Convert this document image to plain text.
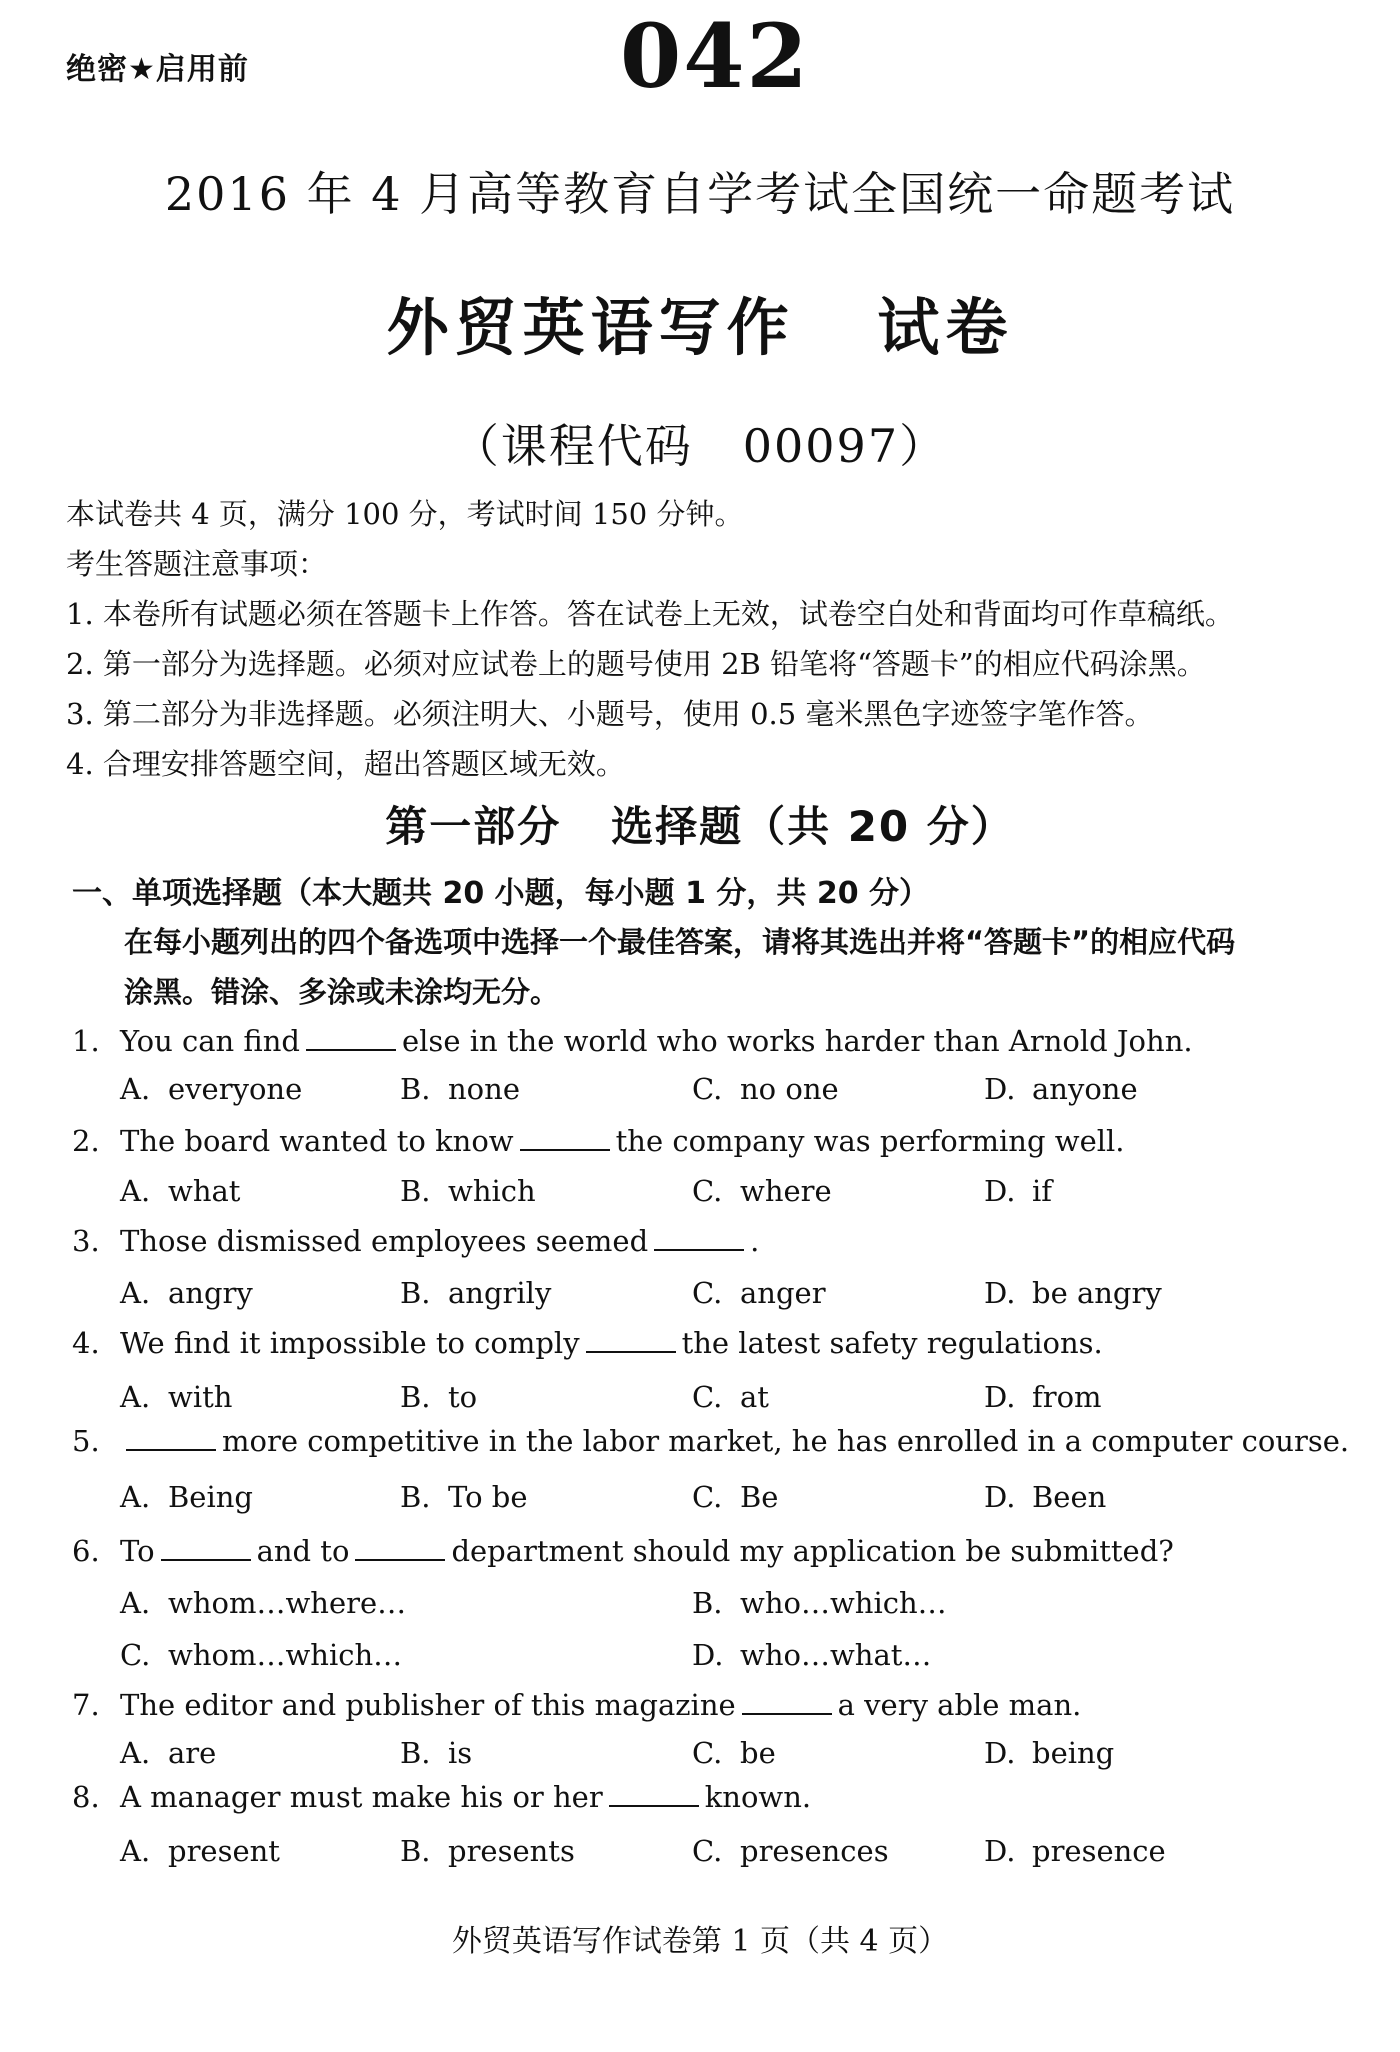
绝密★启用前	042
2016 年 4 月高等教育自学考试全国统一命题考试
外贸英语写作   试卷
（课程代码   00097）
本试卷共 4 页，满分 100 分，考试时间 150 分钟。
考生答题注意事项：
1. 本卷所有试题必须在答题卡上作答。答在试卷上无效，试卷空白处和背面均可作草稿纸。
2. 第一部分为选择题。必须对应试卷上的题号使用 2B 铅笔将“答题卡”的相应代码涂黑。
3. 第二部分为非选择题。必须注明大、小题号，使用 0.5 毫米黑色字迹签字笔作答。
4. 合理安排答题空间，超出答题区域无效。
第一部分   选择题（共 20 分）
一、单项选择题（本大题共 20 小题，每小题 1 分，共 20 分）
在每小题列出的四个备选项中选择一个最佳答案，请将其选出并将“答题卡”的相应代码
涂黑。错涂、多涂或未涂均无分。
1. You can find	else in the world who works harder than Arnold John.
A. everyone	B. none	C. no one	D. anyone
2. The board wanted to know	the company was performing well.
A. what	B. which	C. where	D. if
3. Those dismissed employees seemed	.
A. angry	B. angrily	C. anger	D. be angry
4. We find it impossible to comply	the latest safety regulations.
A. with	B. to	C. at	D. from
5.	more competitive in the labor market, he has enrolled in a computer course.
A. Being	B. To be	C. Be	D. Been
6. To	and to	department should my application be submitted?
A. whom…where…	B. who…which…
C. whom…which…	D. who…what…
7. The editor and publisher of this magazine	a very able man.
A. are	B. is	C. be	D. being
8. A manager must make his or her	known.
A. present	B. presents	C. presences	D. presence
外贸英语写作试卷第 1 页（共 4 页）
